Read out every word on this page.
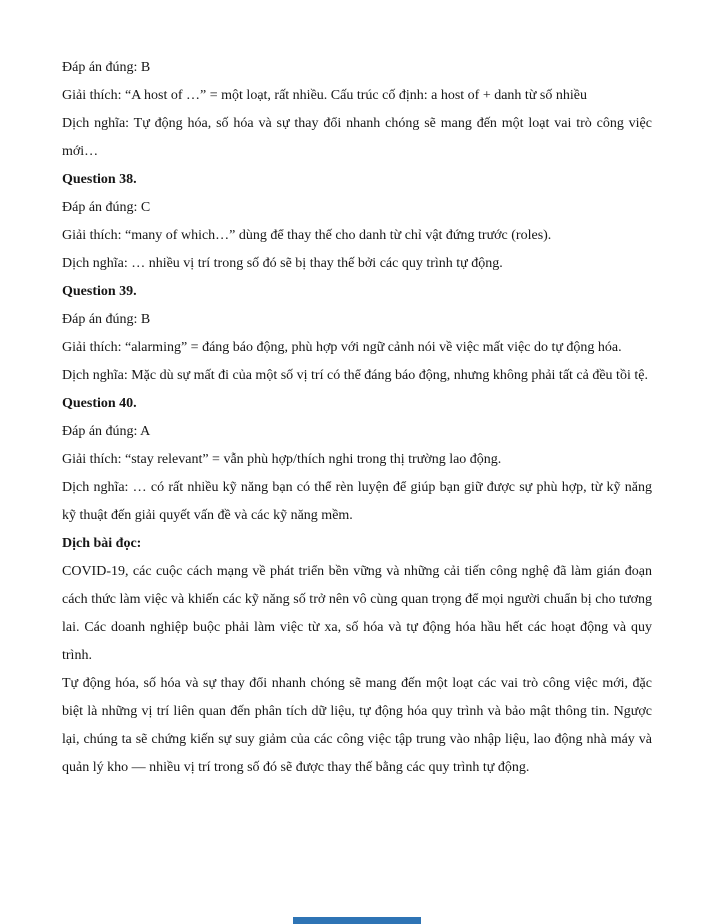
Đáp án đúng: B

Giải thích: “A host of …” = một loạt, rất nhiều. Cấu trúc cố định: a host of + danh từ số nhiều

Dịch nghĩa: Tự động hóa, số hóa và sự thay đổi nhanh chóng sẽ mang đến một loạt vai trò công việc mới…

Question 38.

Đáp án đúng: C

Giải thích: “many of which…” dùng để thay thế cho danh từ chỉ vật đứng trước (roles).

Dịch nghĩa: … nhiều vị trí trong số đó sẽ bị thay thế bởi các quy trình tự động.

Question 39.

Đáp án đúng: B

Giải thích: “alarming” = đáng báo động, phù hợp với ngữ cảnh nói về việc mất việc do tự động hóa.

Dịch nghĩa: Mặc dù sự mất đi của một số vị trí có thể đáng báo động, nhưng không phải tất cả đều tồi tệ.

Question 40.

Đáp án đúng: A

Giải thích: “stay relevant” = vẫn phù hợp/thích nghi trong thị trường lao động.

Dịch nghĩa: … có rất nhiều kỹ năng bạn có thể rèn luyện để giúp bạn giữ được sự phù hợp, từ kỹ năng kỹ thuật đến giải quyết vấn đề và các kỹ năng mềm.

Dịch bài đọc:

COVID-19, các cuộc cách mạng về phát triển bền vững và những cải tiến công nghệ đã làm gián đoạn cách thức làm việc và khiến các kỹ năng số trở nên vô cùng quan trọng để mọi người chuẩn bị cho tương lai. Các doanh nghiệp buộc phải làm việc từ xa, số hóa và tự động hóa hầu hết các hoạt động và quy trình.

Tự động hóa, số hóa và sự thay đổi nhanh chóng sẽ mang đến một loạt các vai trò công việc mới, đặc biệt là những vị trí liên quan đến phân tích dữ liệu, tự động hóa quy trình và bảo mật thông tin. Ngược lại, chúng ta sẽ chứng kiến sự suy giảm của các công việc tập trung vào nhập liệu, lao động nhà máy và quản lý kho — nhiều vị trí trong số đó sẽ được thay thế bằng các quy trình tự động.
